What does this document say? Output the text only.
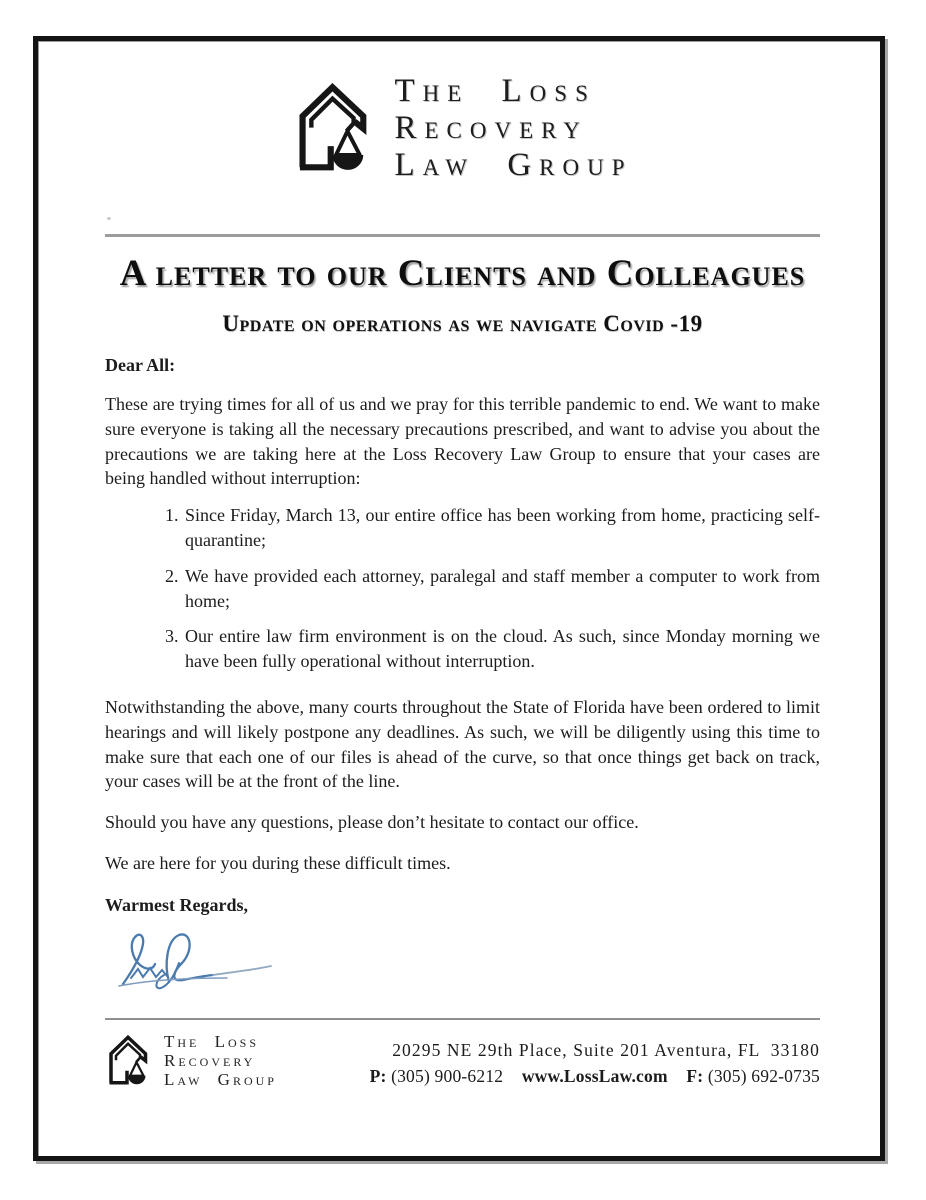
The Loss
Recovery
Law Group
A letter to our Clients and Colleagues
Update on operations as we navigate Covid -19
Dear All:

These are trying times for all of us and we pray for this terrible pandemic to end. We want to make sure everyone is taking all the necessary precautions prescribed, and want to advise you about the precautions we are taking here at the Loss Recovery Law Group to ensure that your cases are being handled without interruption:

1. Since Friday, March 13, our entire office has been working from home, practicing self-quarantine;
2. We have provided each attorney, paralegal and staff member a computer to work from home;
3. Our entire law firm environment is on the cloud. As such, since Monday morning we have been fully operational without interruption.

Notwithstanding the above, many courts throughout the State of Florida have been ordered to limit hearings and will likely postpone any deadlines. As such, we will be diligently using this time to make sure that each one of our files is ahead of the curve, so that once things get back on track, your cases will be at the front of the line.

Should you have any questions, please don’t hesitate to contact our office.

We are here for you during these difficult times.

Warmest Regards,
The Loss
Recovery
Law Group
20295 NE 29th Place, Suite 201 Aventura, FL  33180
P: (305) 900-6212 www.LossLaw.com F: (305) 692-0735
